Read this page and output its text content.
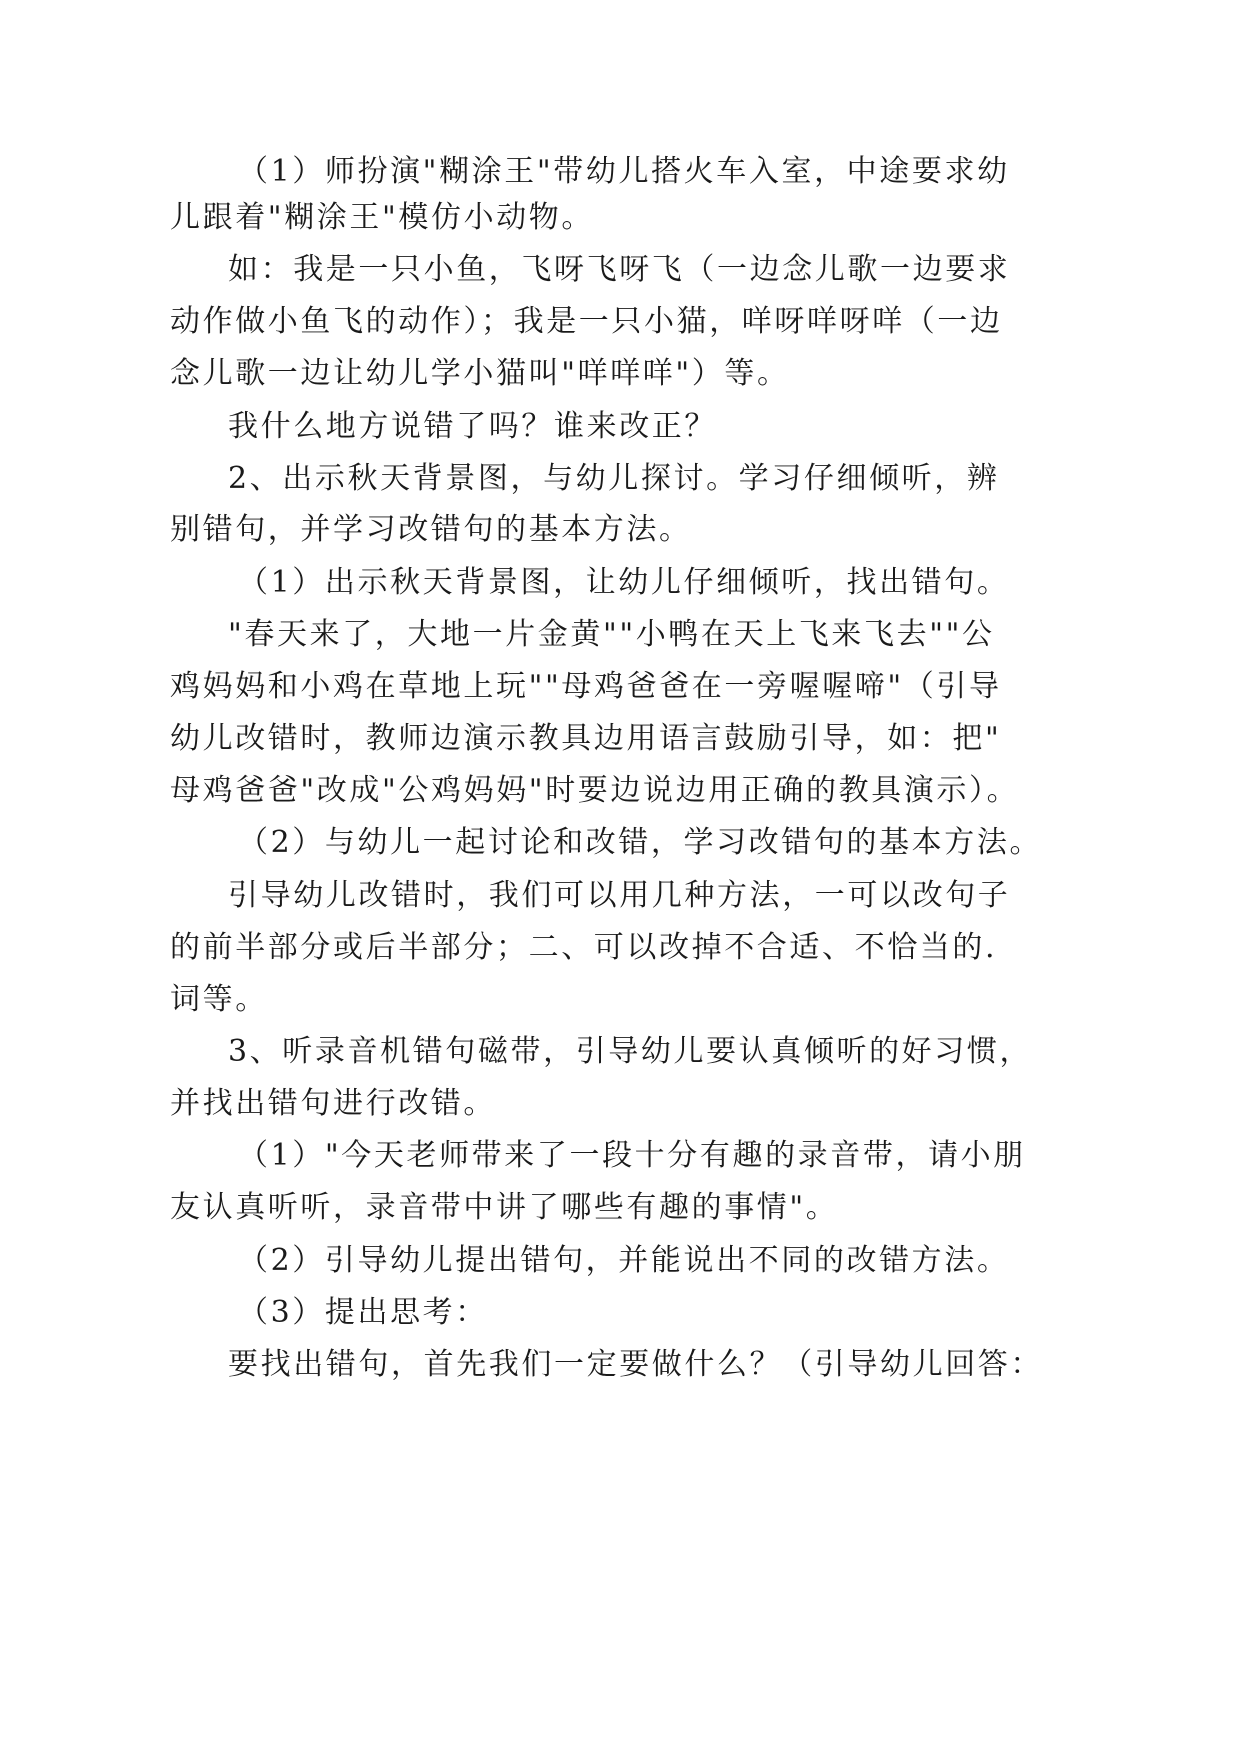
（1）师扮演"糊涂王"带幼儿搭火车入室，中途要求幼
儿跟着"糊涂王"模仿小动物。
如：我是一只小鱼，飞呀飞呀飞（一边念儿歌一边要求
动作做小鱼飞的动作）；我是一只小猫，咩呀咩呀咩（一边
念儿歌一边让幼儿学小猫叫"咩咩咩"）等。
我什么地方说错了吗？谁来改正？
2、出示秋天背景图，与幼儿探讨。学习仔细倾听，辨
别错句，并学习改错句的基本方法。
（1）出示秋天背景图，让幼儿仔细倾听，找出错句。
"春天来了，大地一片金黄""小鸭在天上飞来飞去""公
鸡妈妈和小鸡在草地上玩""母鸡爸爸在一旁喔喔啼"（引导
幼儿改错时，教师边演示教具边用语言鼓励引导，如：把"
母鸡爸爸"改成"公鸡妈妈"时要边说边用正确的教具演示）。
（2）与幼儿一起讨论和改错，学习改错句的基本方法。
引导幼儿改错时，我们可以用几种方法，一可以改句子
的前半部分或后半部分；二、可以改掉不合适、不恰当的.
词等。
3、听录音机错句磁带，引导幼儿要认真倾听的好习惯，
并找出错句进行改错。
（1）"今天老师带来了一段十分有趣的录音带，请小朋
友认真听听，录音带中讲了哪些有趣的事情"。
（2）引导幼儿提出错句，并能说出不同的改错方法。
（3）提出思考：
要找出错句，首先我们一定要做什么？（引导幼儿回答：
